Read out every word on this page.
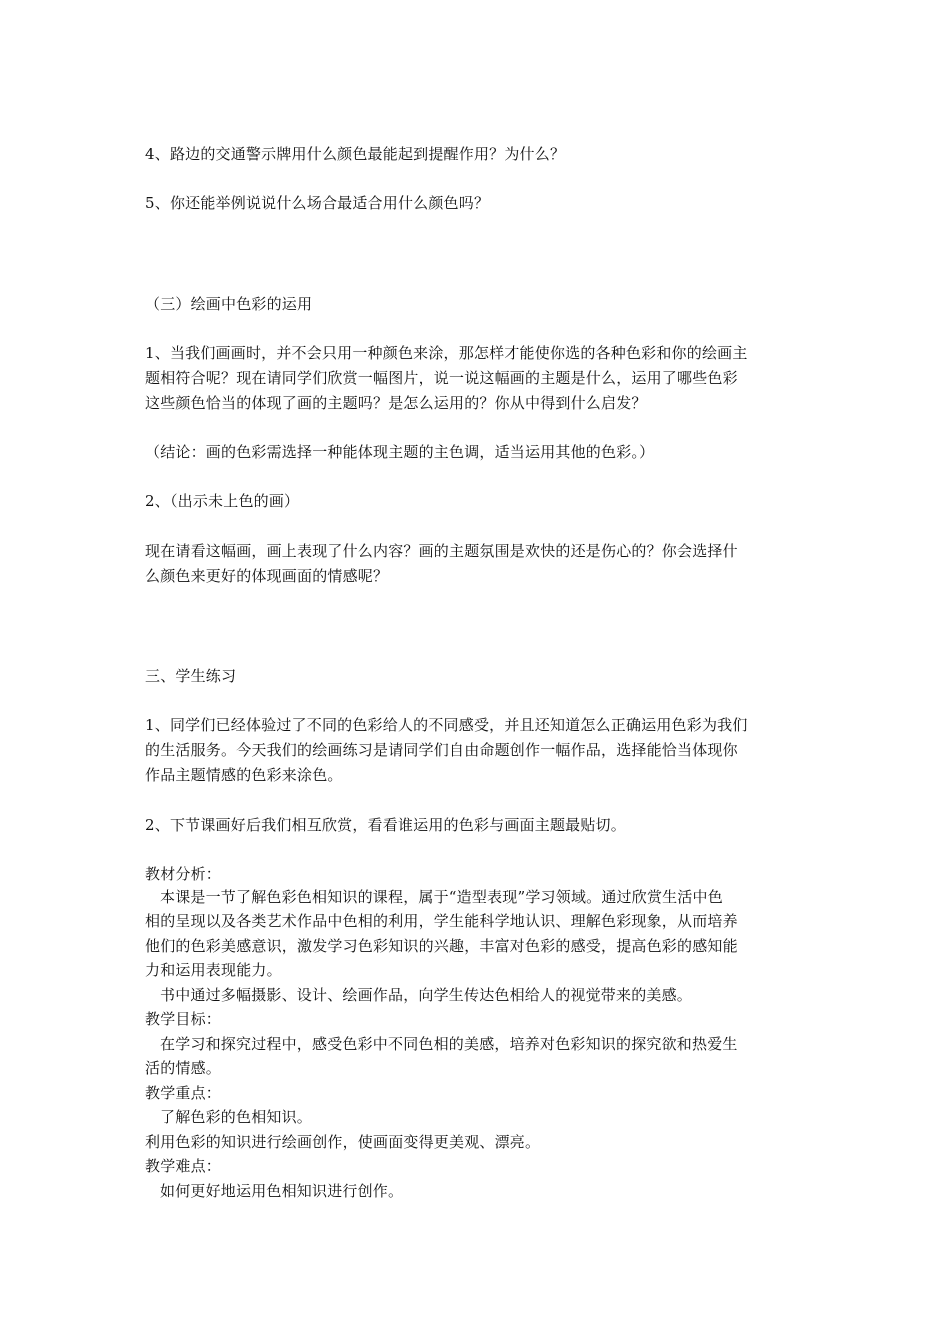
4、路边的交通警示牌用什么颜色最能起到提醒作用？为什么？
5、你还能举例说说什么场合最适合用什么颜色吗？
（三）绘画中色彩的运用
1、当我们画画时，并不会只用一种颜色来涂，那怎样才能使你选的各种色彩和你的绘画主
题相符合呢？现在请同学们欣赏一幅图片，说一说这幅画的主题是什么，运用了哪些色彩
这些颜色恰当的体现了画的主题吗？是怎么运用的？你从中得到什么启发？
（结论：画的色彩需选择一种能体现主题的主色调，适当运用其他的色彩。）
2、（出示未上色的画）
现在请看这幅画，画上表现了什么内容？画的主题氛围是欢快的还是伤心的？你会选择什
么颜色来更好的体现画面的情感呢？
三、学生练习
1、同学们已经体验过了不同的色彩给人的不同感受，并且还知道怎么正确运用色彩为我们
的生活服务。今天我们的绘画练习是请同学们自由命题创作一幅作品，选择能恰当体现你
作品主题情感的色彩来涂色。
2、下节课画好后我们相互欣赏，看看谁运用的色彩与画面主题最贴切。
教材分析：
本课是一节了解色彩色相知识的课程，属于“造型表现”学习领域。通过欣赏生活中色
相的呈现以及各类艺术作品中色相的利用，学生能科学地认识、理解色彩现象，从而培养
他们的色彩美感意识，激发学习色彩知识的兴趣，丰富对色彩的感受，提高色彩的感知能
力和运用表现能力。
书中通过多幅摄影、设计、绘画作品，向学生传达色相给人的视觉带来的美感。
教学目标：
在学习和探究过程中，感受色彩中不同色相的美感，培养对色彩知识的探究欲和热爱生
活的情感。
教学重点：
了解色彩的色相知识。
利用色彩的知识进行绘画创作，使画面变得更美观、漂亮。
教学难点：
如何更好地运用色相知识进行创作。
